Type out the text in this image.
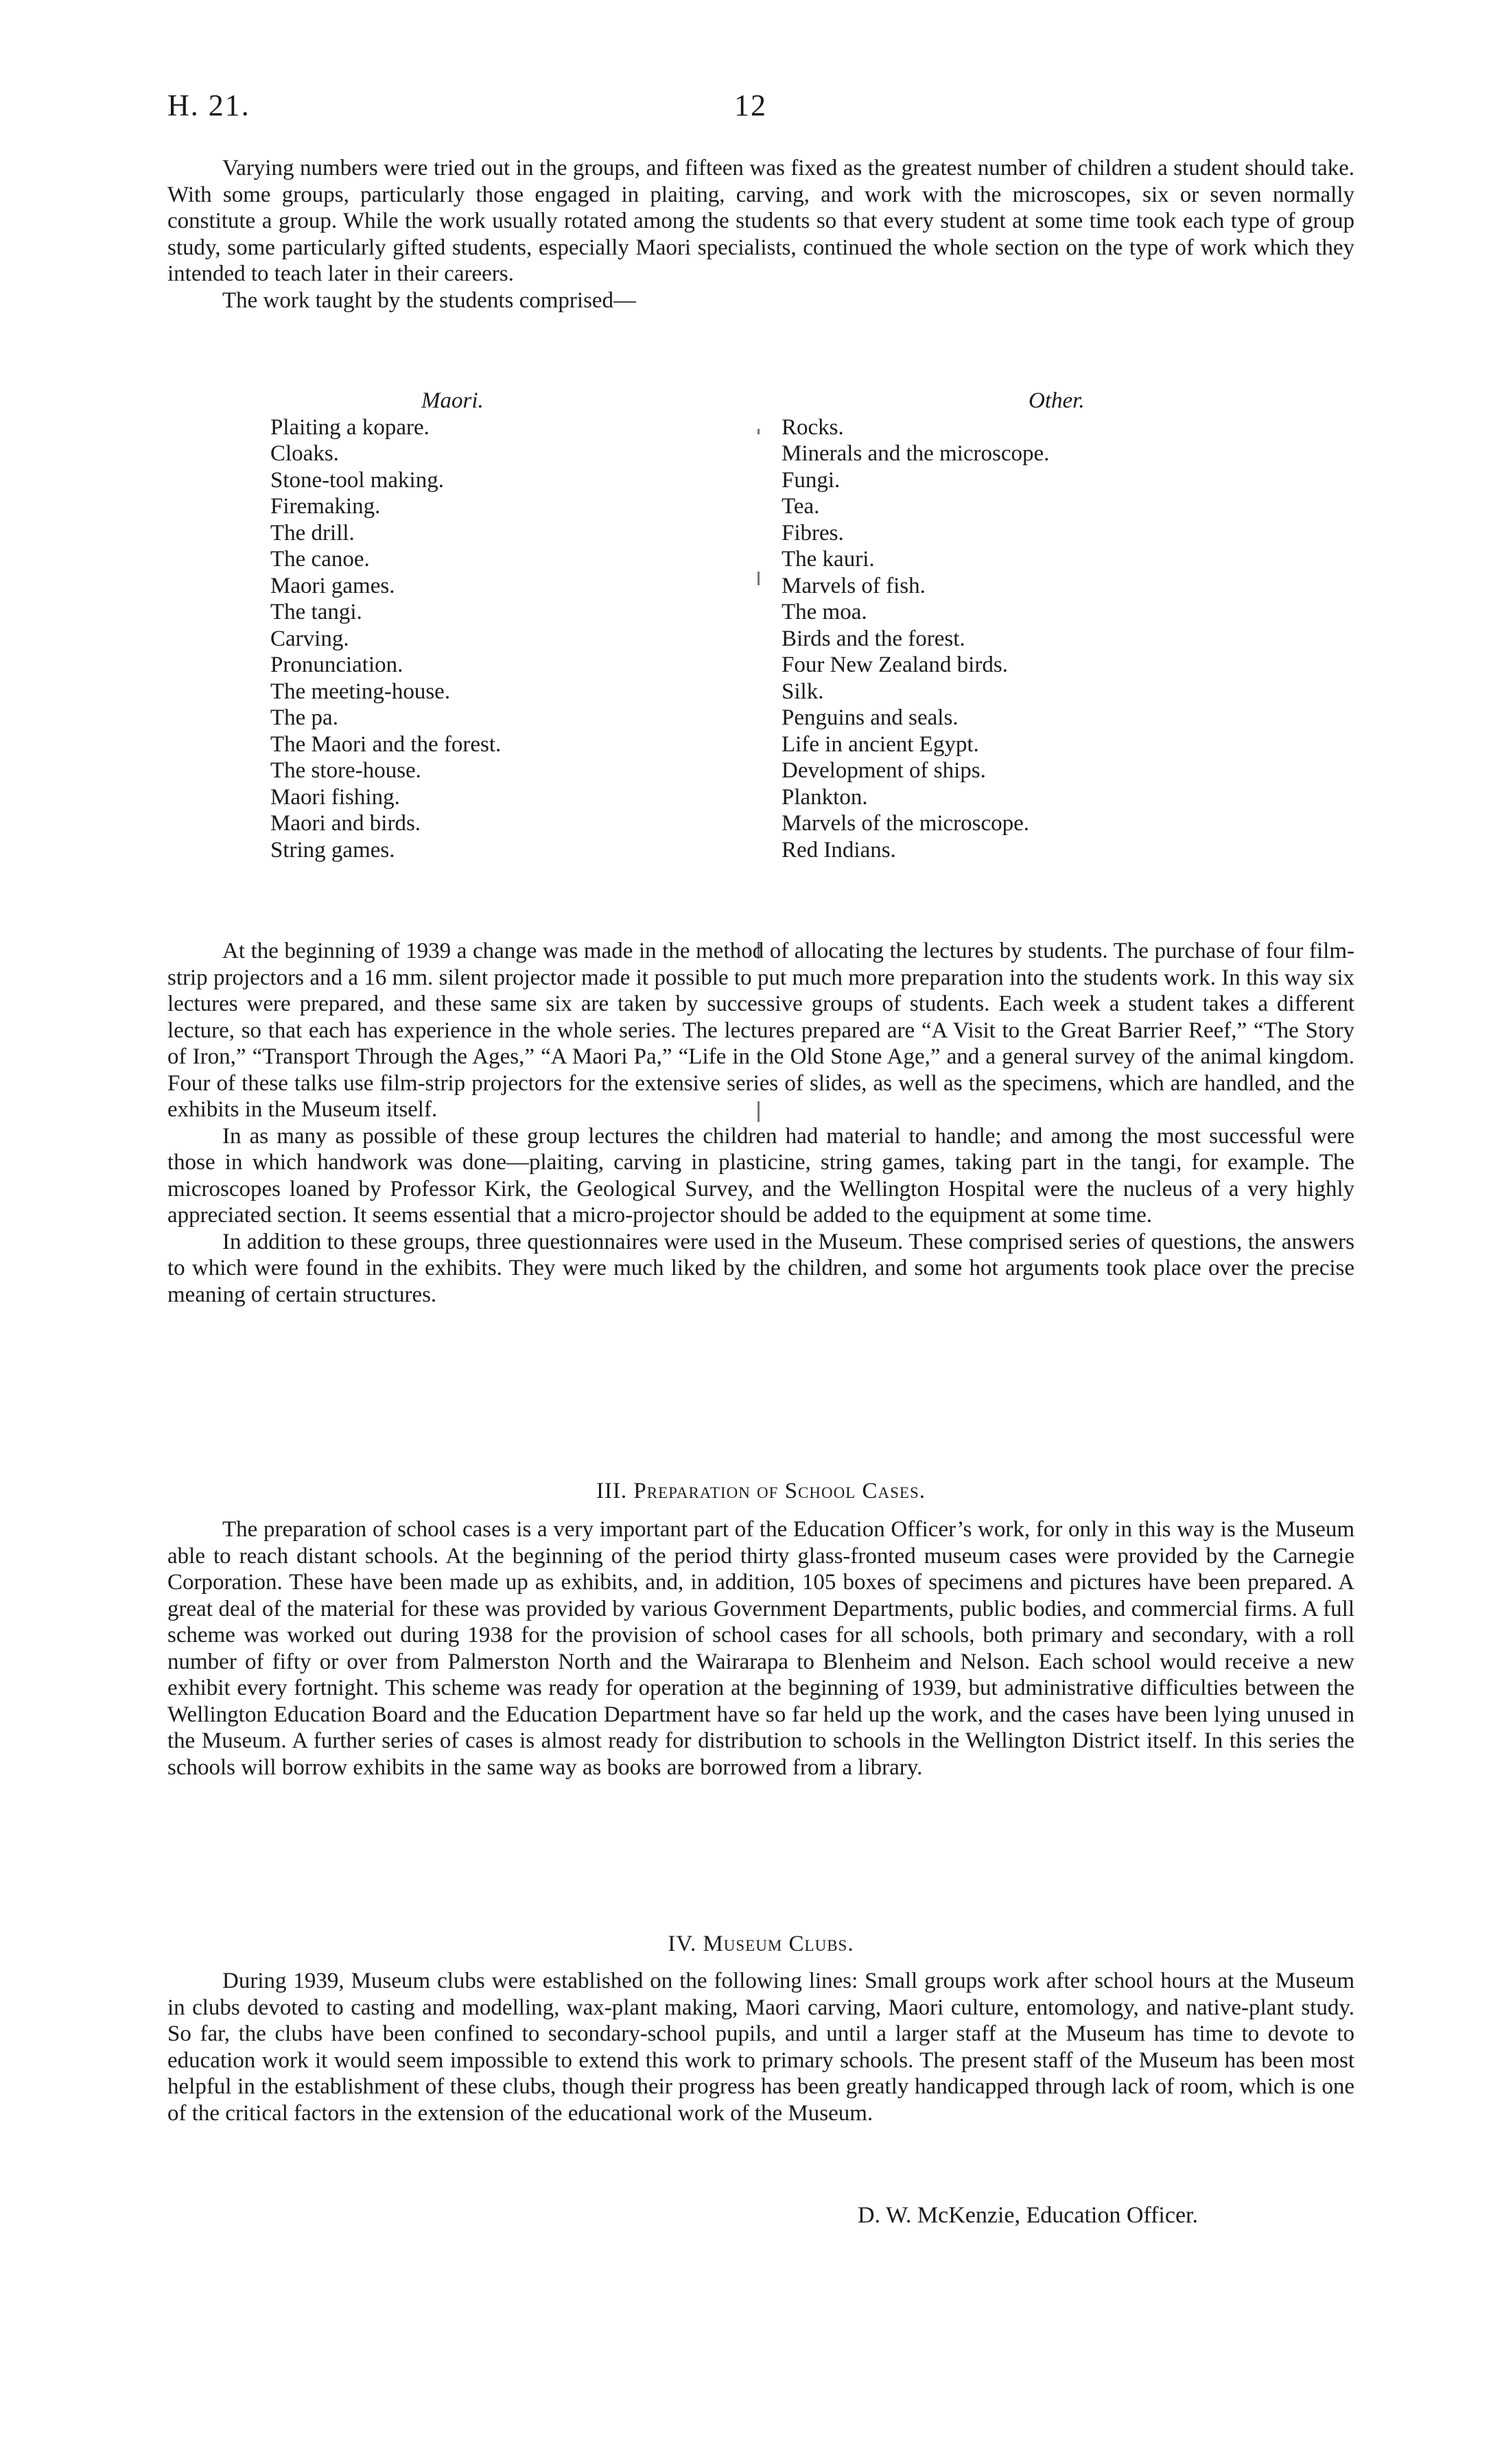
H. 21.	12

Varying numbers were tried out in the groups, and fifteen was fixed as the greatest number of children a student should take. With some groups, particularly those engaged in plaiting, carving, and work with the microscopes, six or seven normally constitute a group. While the work usually rotated among the students so that every student at some time took each type of group study, some particularly gifted students, especially Maori specialists, continued the whole section on the type of work which they intended to teach later in their careers.

The work taught by the students comprised—

Maori.
Plaiting a kopare.
Cloaks.
Stone-tool making.
Firemaking.
The drill.
The canoe.
Maori games.
The tangi.
Carving.
Pronunciation.
The meeting-house.
The pa.
The Maori and the forest.
The store-house.
Maori fishing.
Maori and birds.
String games.
Other.
Rocks.
Minerals and the microscope.
Fungi.
Tea.
Fibres.
The kauri.
Marvels of fish.
The moa.
Birds and the forest.
Four New Zealand birds.
Silk.
Penguins and seals.
Life in ancient Egypt.
Development of ships.
Plankton.
Marvels of the microscope.
Red Indians.

At the beginning of 1939 a change was made in the method of allocating the lectures by students. The purchase of four film-strip projectors and a 16 mm. silent projector made it possible to put much more preparation into the students work. In this way six lectures were prepared, and these same six are taken by successive groups of students. Each week a student takes a different lecture, so that each has experience in the whole series. The lectures prepared are “A Visit to the Great Barrier Reef,” “The Story of Iron,” “Transport Through the Ages,” “A Maori Pa,” “Life in the Old Stone Age,” and a general survey of the animal kingdom. Four of these talks use film-strip projectors for the extensive series of slides, as well as the specimens, which are handled, and the exhibits in the Museum itself.

In as many as possible of these group lectures the children had material to handle; and among the most successful were those in which handwork was done—plaiting, carving in plasticine, string games, taking part in the tangi, for example. The microscopes loaned by Professor Kirk, the Geological Survey, and the Wellington Hospital were the nucleus of a very highly appreciated section. It seems essential that a micro-projector should be added to the equipment at some time.

In addition to these groups, three questionnaires were used in the Museum. These comprised series of questions, the answers to which were found in the exhibits. They were much liked by the children, and some hot arguments took place over the precise meaning of certain structures.

III. Preparation of School Cases.

The preparation of school cases is a very important part of the Education Officer’s work, for only in this way is the Museum able to reach distant schools. At the beginning of the period thirty glass-fronted museum cases were provided by the Carnegie Corporation. These have been made up as exhibits, and, in addition, 105 boxes of specimens and pictures have been prepared. A great deal of the material for these was provided by various Government Departments, public bodies, and commercial firms. A full scheme was worked out during 1938 for the provision of school cases for all schools, both primary and secondary, with a roll number of fifty or over from Palmerston North and the Wairarapa to Blenheim and Nelson. Each school would receive a new exhibit every fortnight. This scheme was ready for operation at the beginning of 1939, but administrative difficulties between the Wellington Education Board and the Education Department have so far held up the work, and the cases have been lying unused in the Museum. A further series of cases is almost ready for distribution to schools in the Wellington District itself. In this series the schools will borrow exhibits in the same way as books are borrowed from a library.

IV. Museum Clubs.

During 1939, Museum clubs were established on the following lines: Small groups work after school hours at the Museum in clubs devoted to casting and modelling, wax-plant making, Maori carving, Maori culture, entomology, and native-plant study. So far, the clubs have been confined to secondary-school pupils, and until a larger staff at the Museum has time to devote to education work it would seem impossible to extend this work to primary schools. The present staff of the Museum has been most helpful in the establishment of these clubs, though their progress has been greatly handicapped through lack of room, which is one of the critical factors in the extension of the educational work of the Museum.

D. W. McKenzie, Education Officer.
